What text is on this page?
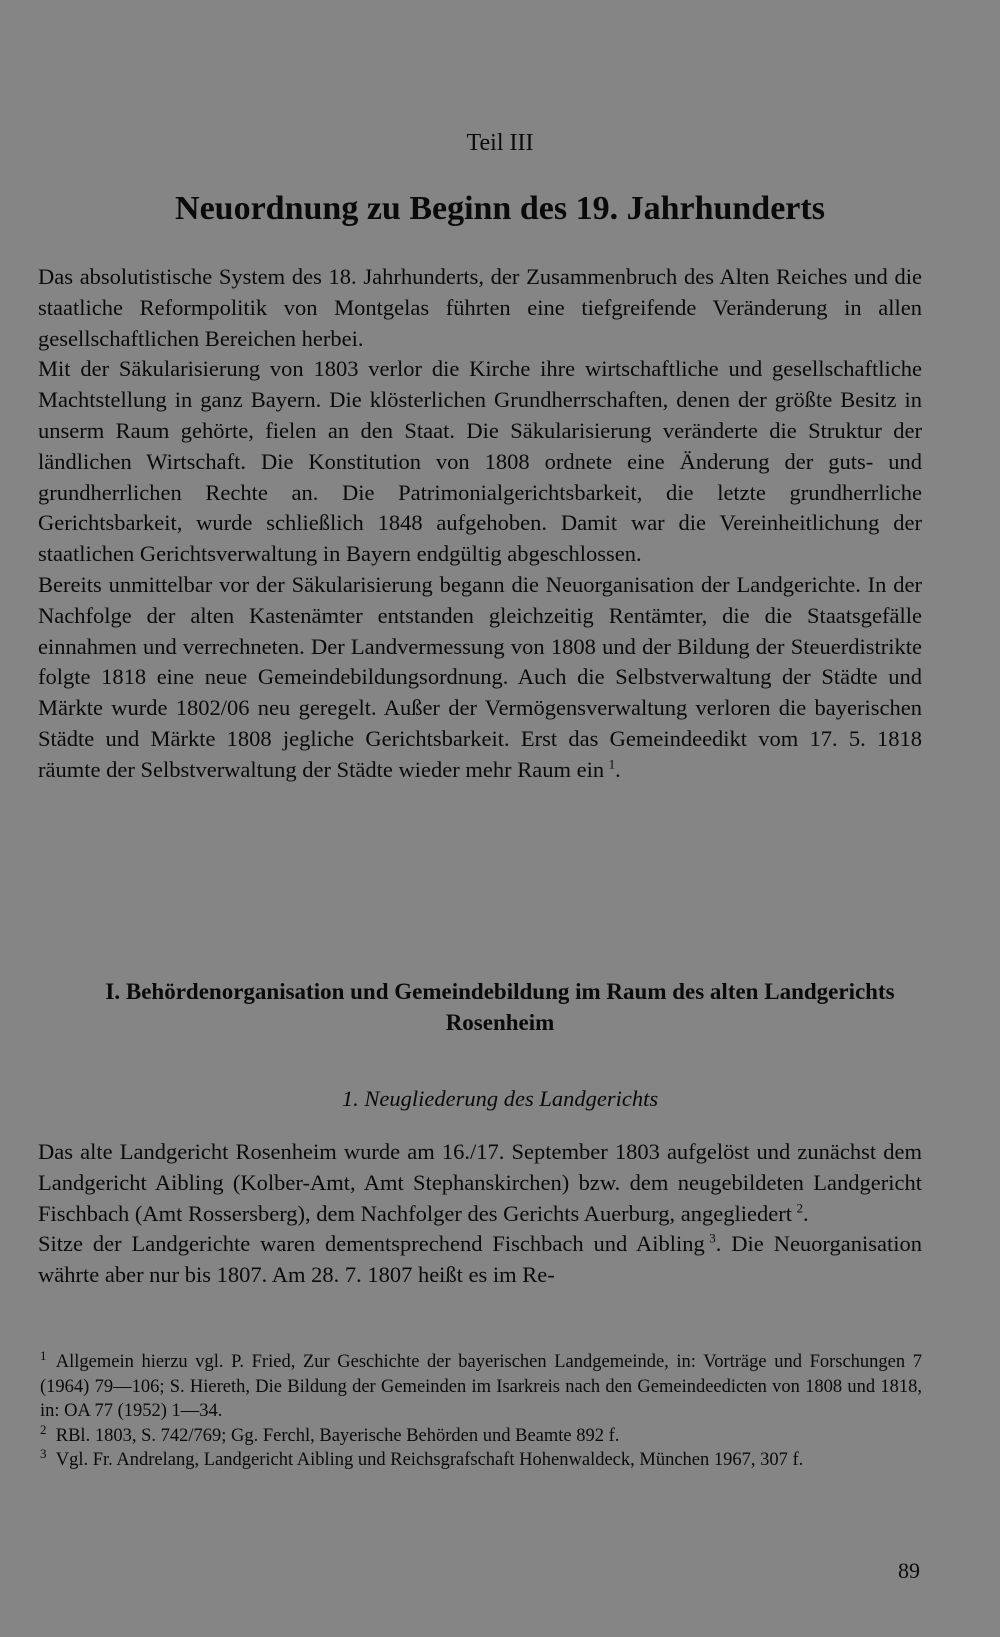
Teil III
Neuordnung zu Beginn des 19. Jahrhunderts

Das absolutistische System des 18. Jahrhunderts, der Zusammenbruch des Alten Reiches und die staatliche Reformpolitik von Montgelas führten eine tiefgreifende Veränderung in allen gesellschaftlichen Bereichen herbei.

Mit der Säkularisierung von 1803 verlor die Kirche ihre wirtschaftliche und gesellschaftliche Machtstellung in ganz Bayern. Die klösterlichen Grundherrschaften, denen der größte Besitz in unserm Raum gehörte, fielen an den Staat. Die Säkularisierung veränderte die Struktur der ländlichen Wirtschaft. Die Konstitution von 1808 ordnete eine Änderung der guts- und grundherrlichen Rechte an. Die Patrimonialgerichtsbarkeit, die letzte grundherrliche Gerichtsbarkeit, wurde schließlich 1848 aufgehoben. Damit war die Vereinheitlichung der staatlichen Gerichtsverwaltung in Bayern endgültig abgeschlossen.

Bereits unmittelbar vor der Säkularisierung begann die Neuorganisation der Landgerichte. In der Nachfolge der alten Kastenämter entstanden gleichzeitig Rentämter, die die Staatsgefälle einnahmen und verrechneten. Der Landvermessung von 1808 und der Bildung der Steuerdistrikte folgte 1818 eine neue Gemeindebildungsordnung. Auch die Selbstverwaltung der Städte und Märkte wurde 1802/06 neu geregelt. Außer der Vermögensverwaltung verloren die bayerischen Städte und Märkte 1808 jegliche Gerichtsbarkeit. Erst das Gemeindeedikt vom 17. 5. 1818 räumte der Selbstverwaltung der Städte wieder mehr Raum ein  $^1$.

I. Behördenorganisation und Gemeindebildung im Raum des alten Landgerichts Rosenheim
1. Neugliederung des Landgerichts

Das alte Landgericht Rosenheim wurde am 16./17. September 1803 aufgelöst und zunächst dem Landgericht Aibling (Kolber-Amt, Amt Stephanskirchen) bzw. dem neugebildeten Landgericht Fischbach (Amt Rossersberg), dem Nachfolger des Gerichts Auerburg, angegliedert  $^2$.

Sitze der Landgerichte waren dementsprechend Fischbach und Aibling  $^3$. Die Neuorganisation währte aber nur bis 1807. Am 28. 7. 1807 heißt es im Re-

$^1$  Allgemein hierzu vgl. P. Fried, Zur Geschichte der bayerischen Landgemeinde, in: Vorträge und Forschungen 7 (1964) 79—106; S. Hiereth, Die Bildung der Gemeinden im Isarkreis nach den Gemeindeedicten von 1808 und 1818, in: OA 77 (1952) 1—34.

$^2$  RBl. 1803, S. 742/769; Gg. Ferchl, Bayerische Behörden und Beamte 892 f.

$^3$  Vgl. Fr. Andrelang, Landgericht Aibling und Reichsgrafschaft Hohenwaldeck, München 1967, 307 f.

89
